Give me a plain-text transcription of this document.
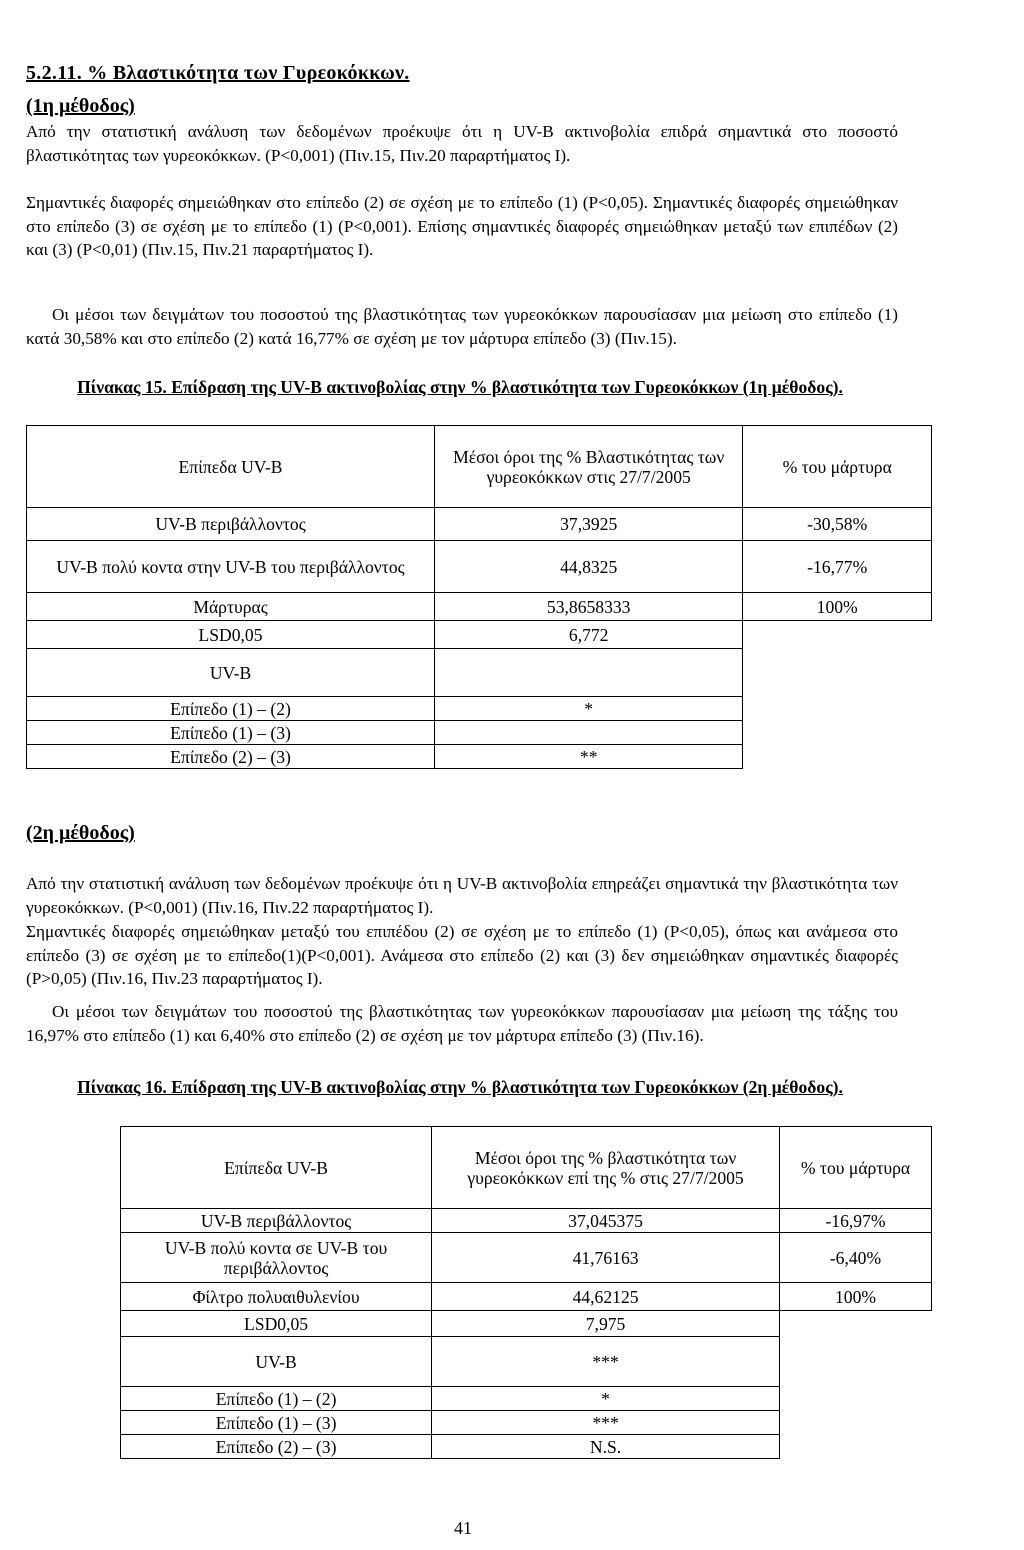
5.2.11. % Βλαστικότητα των Γυρεοκόκκων.
(1η μέθοδος)
Από την στατιστική ανάλυση των δεδομένων προέκυψε ότι η UV-B ακτινοβολία επιδρά σημαντικά στο ποσοστό βλαστικότητας των γυρεοκόκκων. (P<0,001) (Πιν.15, Πιν.20 παραρτήματος Ι).
Σημαντικές διαφορές σημειώθηκαν στο επίπεδο (2) σε σχέση με το επίπεδο (1) (P<0,05). Σημαντικές διαφορές σημειώθηκαν στο επίπεδο (3) σε σχέση με το επίπεδο (1) (P<0,001). Επίσης σημαντικές διαφορές σημειώθηκαν μεταξύ των επιπέδων (2) και (3) (P<0,01) (Πιν.15, Πιν.21 παραρτήματος Ι).
Οι μέσοι των δειγμάτων του ποσοστού της βλαστικότητας των γυρεοκόκκων παρουσίασαν μια μείωση στο επίπεδο (1) κατά 30,58% και στο επίπεδο (2) κατά 16,77% σε σχέση με τον μάρτυρα επίπεδο (3) (Πιν.15).
Πίνακας 15. Επίδραση της UV-B ακτινοβολίας στην % βλαστικότητα των Γυρεοκόκκων (1η μέθοδος).
Επίπεδα UV-B	Μέσοι όροι της % Βλαστικότητας των γυρεοκόκκων στις 27/7/2005	% του μάρτυρα
UV-B περιβάλλοντος	37,3925	-30,58%
UV-B πολύ κοντα στην UV-B του περιβάλλοντος	44,8325	-16,77%
Μάρτυρας	53,8658333	100%
LSD0,05	6,772	
UV-B		
Επίπεδο (1) – (2)	*	
Επίπεδο (1) – (3)		
Επίπεδο (2) – (3)	**	
(2η μέθοδος)
Από την στατιστική ανάλυση των δεδομένων προέκυψε ότι η UV-B ακτινοβολία επηρεάζει σημαντικά την βλαστικότητα των γυρεοκόκκων. (P<0,001) (Πιν.16, Πιν.22 παραρτήματος Ι).
Σημαντικές διαφορές σημειώθηκαν μεταξύ του επιπέδου (2) σε σχέση με το επίπεδο (1) (P<0,05), όπως και ανάμεσα στο επίπεδο (3) σε σχέση με το επίπεδο(1)(P<0,001). Ανάμεσα στο επίπεδο (2) και (3) δεν σημειώθηκαν σημαντικές διαφορές (P>0,05) (Πιν.16, Πιν.23 παραρτήματος Ι).
Οι μέσοι των δειγμάτων του ποσοστού της βλαστικότητας των γυρεοκόκκων παρουσίασαν μια μείωση της τάξης του 16,97% στο επίπεδο (1) και 6,40% στο επίπεδο (2) σε σχέση με τον μάρτυρα επίπεδο (3) (Πιν.16).
Πίνακας 16. Επίδραση της UV-B ακτινοβολίας στην % βλαστικότητα των Γυρεοκόκκων (2η μέθοδος).
Επίπεδα UV-B	Μέσοι όροι της % βλαστικότητα των γυρεοκόκκων επί της % στις 27/7/2005	% του μάρτυρα
UV-B περιβάλλοντος	37,045375	-16,97%
UV-B πολύ κοντα σε UV-B του περιβάλλοντος	41,76163	-6,40%
Φίλτρο πολυαιθυλενίου	44,62125	100%
LSD0,05	7,975	
UV-B	***	
Επίπεδο (1) – (2)	*	
Επίπεδο (1) – (3)	***	
Επίπεδο (2) – (3)	N.S.	
41
